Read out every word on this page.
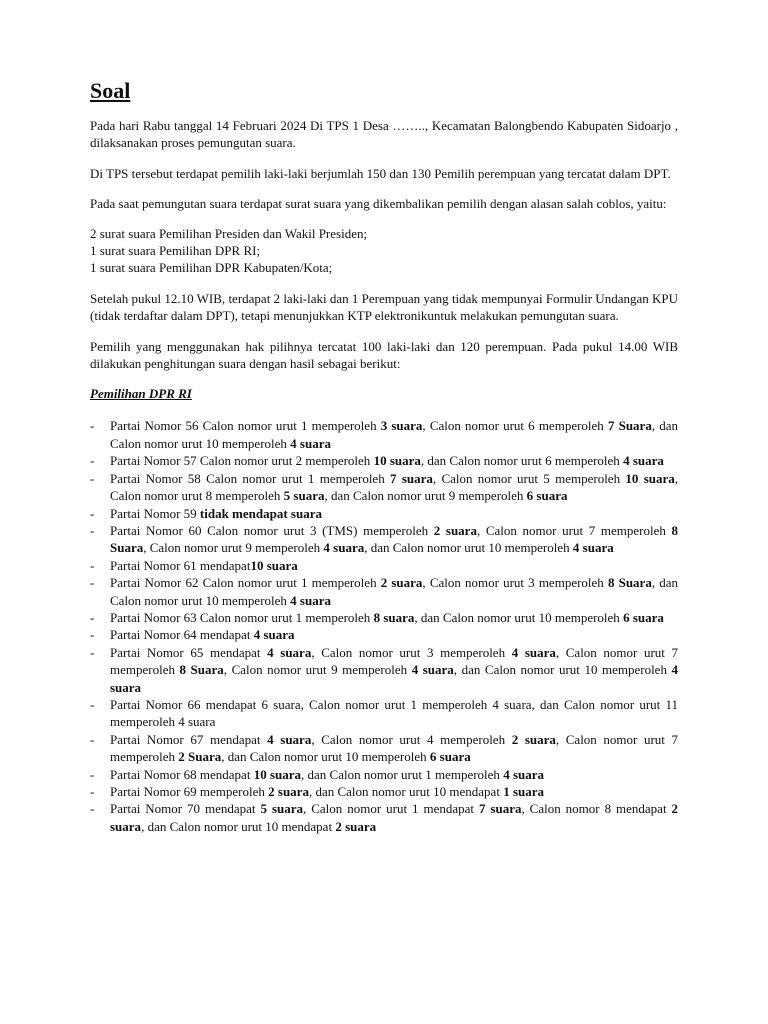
Soal

Pada hari Rabu tanggal 14 Februari 2024 Di TPS 1 Desa …….., Kecamatan Balongbendo Kabupaten Sidoarjo , dilaksanakan proses pemungutan suara.

Di TPS tersebut terdapat pemilih laki-laki berjumlah 150 dan 130 Pemilih perempuan yang tercatat dalam DPT.

Pada saat pemungutan suara terdapat surat suara yang dikembalikan pemilih dengan alasan salah coblos, yaitu:

2 surat suara Pemilihan Presiden dan Wakil Presiden;
1 surat suara Pemilihan DPR RI;
1 surat suara Pemilihan DPR Kabupaten/Kota;

Setelah pukul 12.10 WIB, terdapat 2 laki-laki dan 1 Perempuan yang tidak mempunyai Formulir Undangan KPU (tidak terdaftar dalam DPT), tetapi menunjukkan KTP elektronikuntuk melakukan pemungutan suara.

Pemilih yang menggunakan hak pilihnya tercatat 100 laki-laki dan 120 perempuan. Pada pukul 14.00 WIB dilakukan penghitungan suara dengan hasil sebagai berikut:

Pemilihan DPR RI
- Partai Nomor 56 Calon nomor urut 1 memperoleh 3 suara, Calon nomor urut 6 memperoleh 7 Suara, dan Calon nomor urut 10 memperoleh 4 suara
- Partai Nomor 57 Calon nomor urut 2 memperoleh 10 suara, dan Calon nomor urut 6 memperoleh 4 suara
- Partai Nomor 58 Calon nomor urut 1 memperoleh 7 suara, Calon nomor urut 5 memperoleh 10 suara, Calon nomor urut 8 memperoleh 5 suara, dan Calon nomor urut 9 memperoleh 6 suara
- Partai Nomor 59 tidak mendapat suara
- Partai Nomor 60 Calon nomor urut 3 (TMS) memperoleh 2 suara, Calon nomor urut 7 memperoleh 8 Suara, Calon nomor urut 9 memperoleh 4 suara, dan Calon nomor urut 10 memperoleh 4 suara
- Partai Nomor 61 mendapat10 suara
- Partai Nomor 62 Calon nomor urut 1 memperoleh 2 suara, Calon nomor urut 3 memperoleh 8 Suara, dan Calon nomor urut 10 memperoleh 4 suara
- Partai Nomor 63 Calon nomor urut 1 memperoleh 8 suara, dan Calon nomor urut 10 memperoleh 6 suara
- Partai Nomor 64 mendapat 4 suara
- Partai Nomor 65 mendapat 4 suara, Calon nomor urut 3 memperoleh 4 suara, Calon nomor urut 7 memperoleh 8 Suara, Calon nomor urut 9 memperoleh 4 suara, dan Calon nomor urut 10 memperoleh 4 suara
- Partai Nomor 66 mendapat 6 suara, Calon nomor urut 1 memperoleh 4 suara, dan Calon nomor urut 11 memperoleh 4 suara
- Partai Nomor 67 mendapat 4 suara, Calon nomor urut 4 memperoleh 2 suara, Calon nomor urut 7 memperoleh 2 Suara, dan Calon nomor urut 10 memperoleh 6 suara
- Partai Nomor 68 mendapat 10 suara, dan Calon nomor urut 1 memperoleh 4 suara
- Partai Nomor 69 memperoleh 2 suara, dan Calon nomor urut 10 mendapat 1 suara
- Partai Nomor 70 mendapat 5 suara, Calon nomor urut 1 mendapat 7 suara, Calon nomor 8 mendapat 2 suara, dan Calon nomor urut 10 mendapat 2 suara
